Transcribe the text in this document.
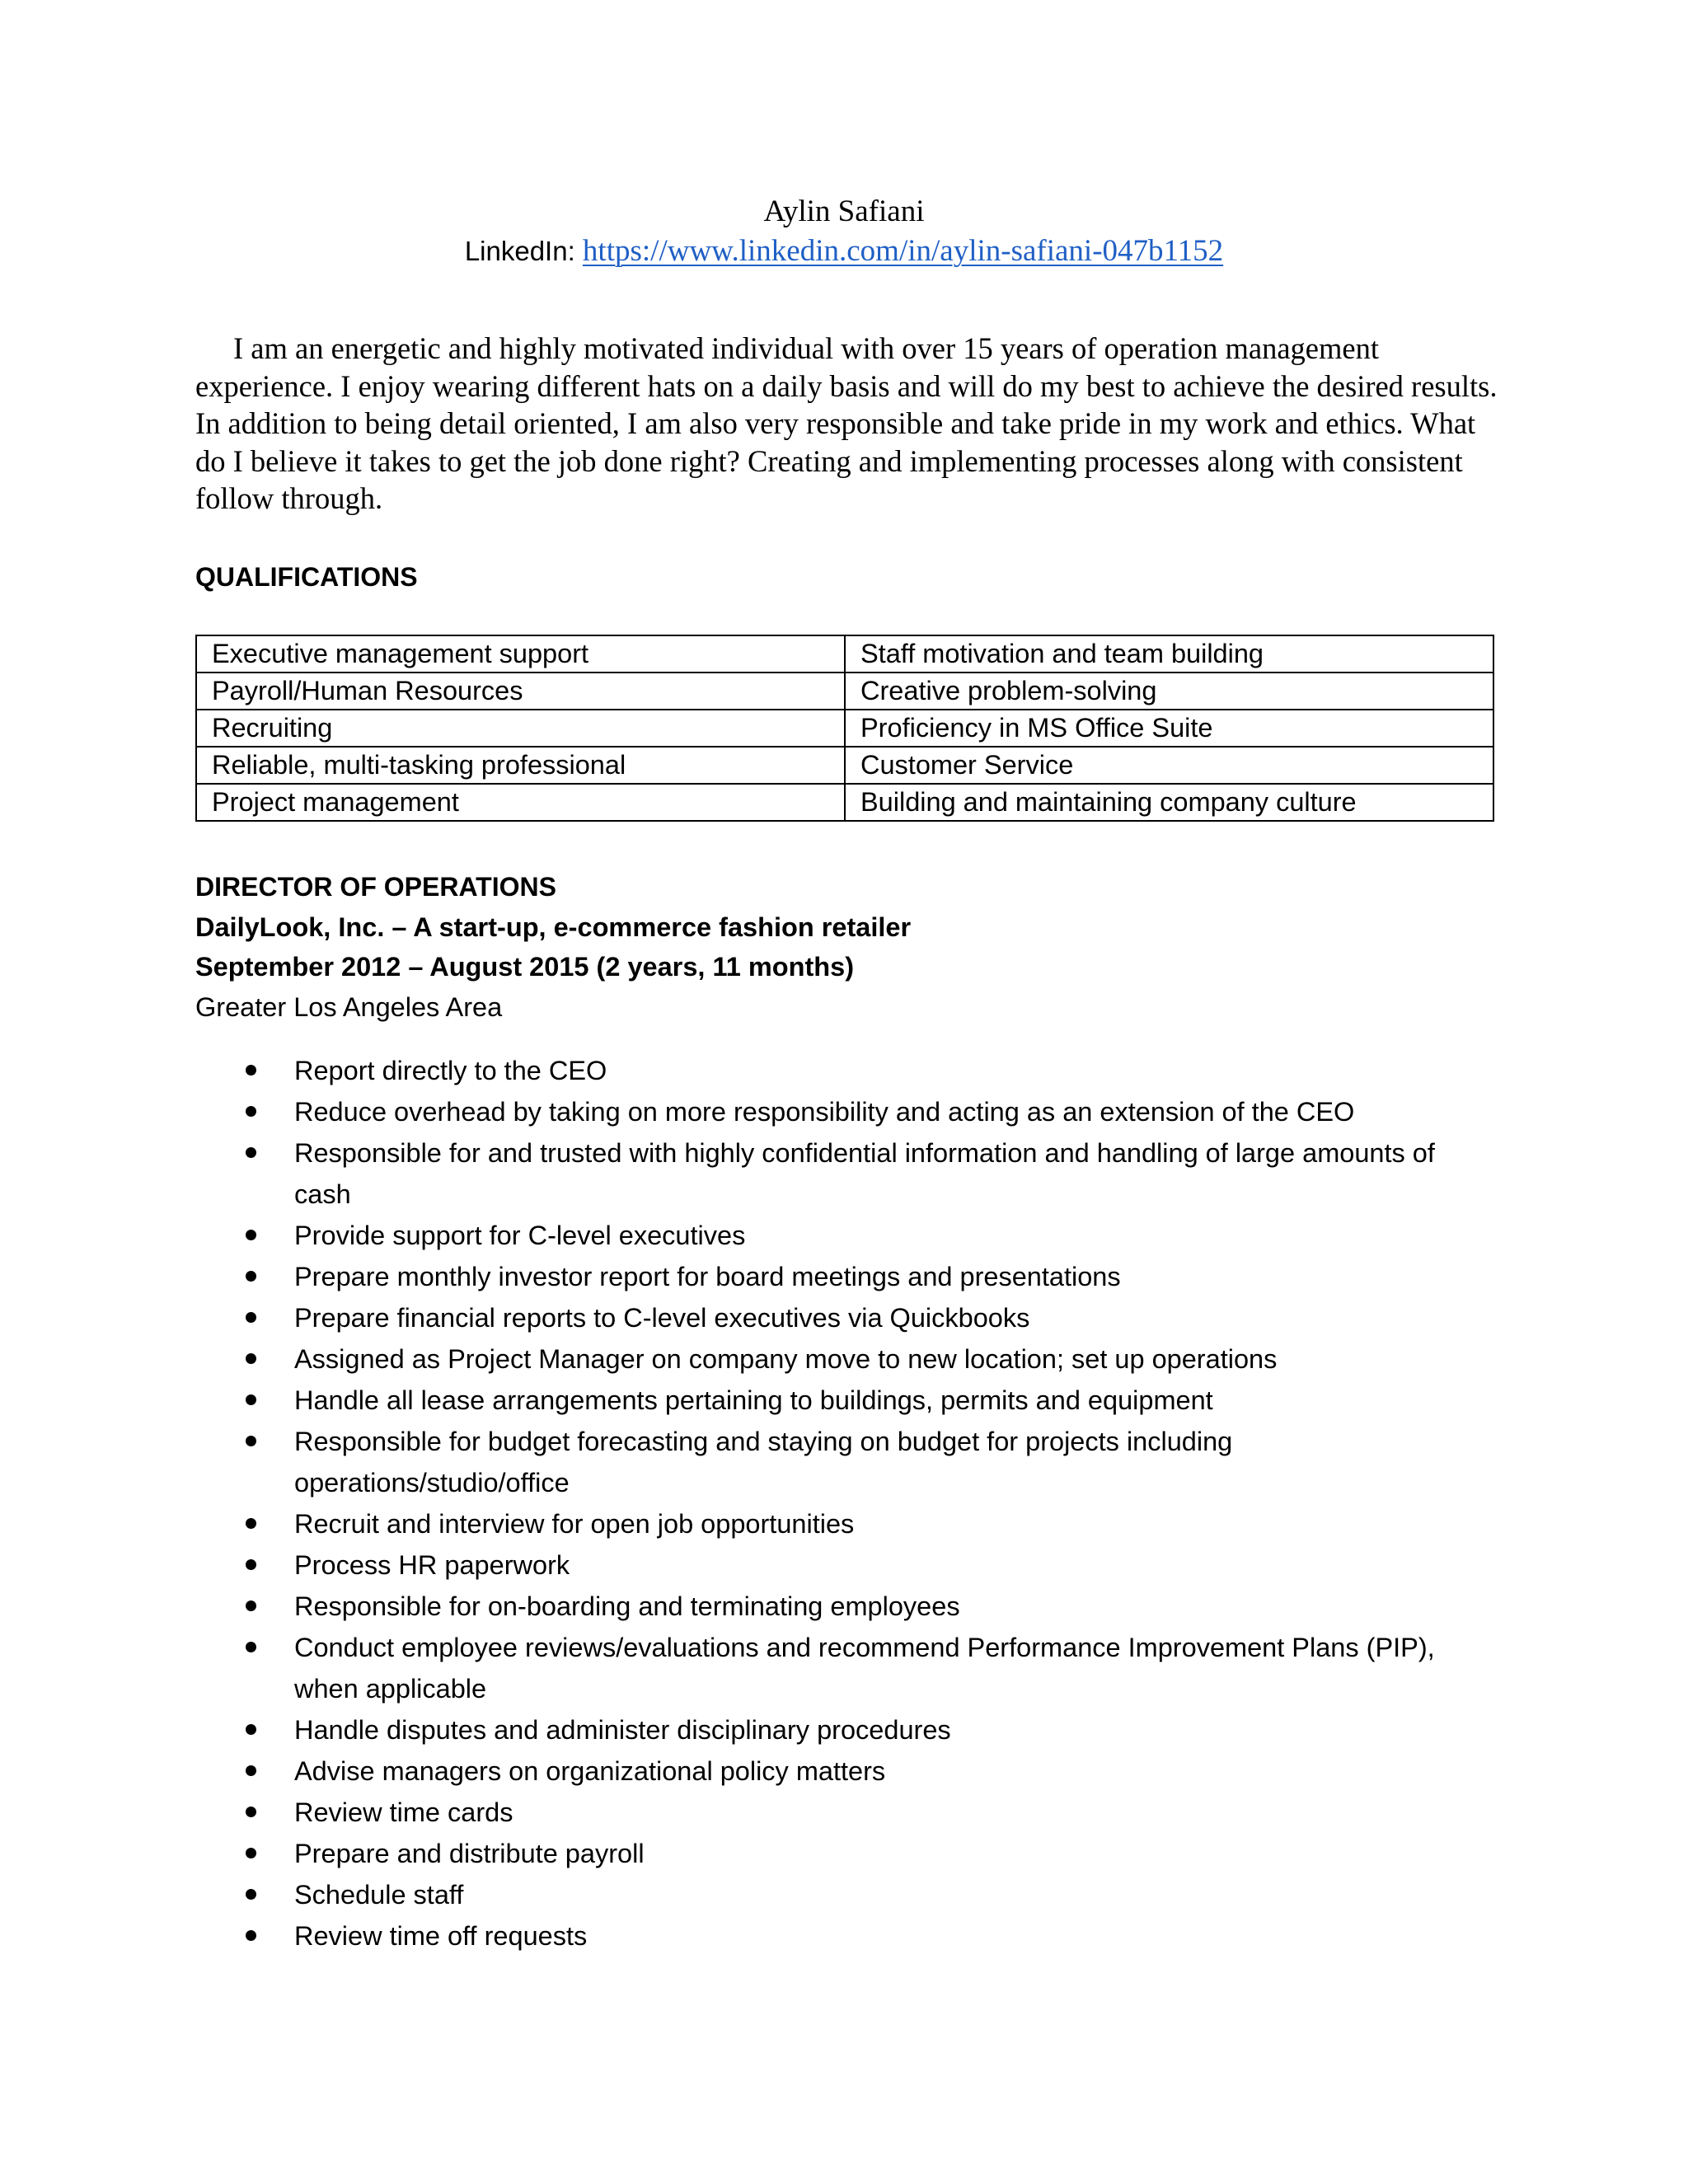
Aylin Safiani
LinkedIn: https://www.linkedin.com/in/aylin-safiani-047b1152

I am an energetic and highly motivated individual with over 15 years of operation management experience. I enjoy wearing different hats on a daily basis and will do my best to achieve the desired results. In addition to being detail oriented, I am also very responsible and take pride in my work and ethics. What do I believe it takes to get the job done right? Creating and implementing processes along with consistent follow through.

QUALIFICATIONS
Executive management support	Staff motivation and team building
Payroll/Human Resources	Creative problem-solving
Recruiting	Proficiency in MS Office Suite
Reliable, multi-tasking professional	Customer Service
Project management	Building and maintaining company culture
DIRECTOR OF OPERATIONS
DailyLook, Inc. – A start-up, e-commerce fashion retailer
September 2012 – August 2015 (2 years, 11 months)
Greater Los Angeles Area
Report directly to the CEO
Reduce overhead by taking on more responsibility and acting as an extension of the CEO
Responsible for and trusted with highly confidential information and handling of large amounts of cash
Provide support for C-level executives
Prepare monthly investor report for board meetings and presentations
Prepare financial reports to C-level executives via Quickbooks
Assigned as Project Manager on company move to new location; set up operations
Handle all lease arrangements pertaining to buildings, permits and equipment
Responsible for budget forecasting and staying on budget for projects including operations/studio/office
Recruit and interview for open job opportunities
Process HR paperwork
Responsible for on-boarding and terminating employees
Conduct employee reviews/evaluations and recommend Performance Improvement Plans (PIP), when applicable
Handle disputes and administer disciplinary procedures
Advise managers on organizational policy matters
Review time cards
Prepare and distribute payroll
Schedule staff
Review time off requests
